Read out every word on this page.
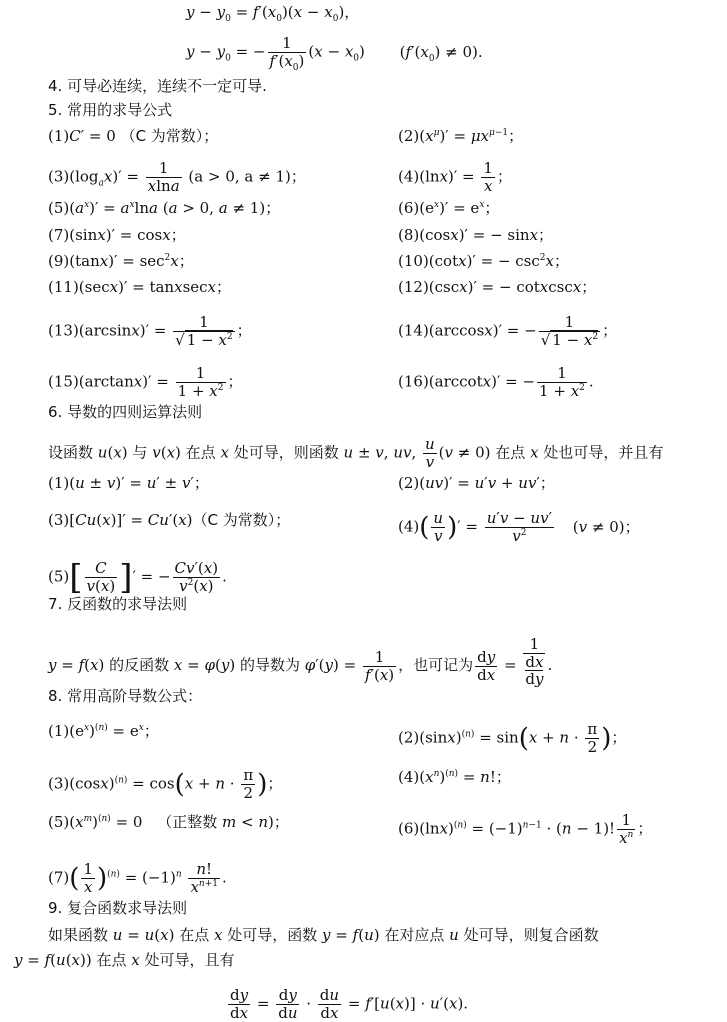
$y - y_0 = f'(x_0)(x - x_0)$，
$y - y_0$ = − $\frac{1}{f'(x_0)} (x - x_0) (f'(x_0) \ne 0)$.
4. 可导必连续，连续不一定可导.
5. 常用的求导公式
(1)C′ = 0 （C 为常数）；	$(2)(x^\mu)' = \mu x^{\mu-1}$；
$(3)(\log_ax)' = \frac{1}{xlna} (a > 0$, a ≠ 1)；	$(4)(\ln x)' = \frac{1}{x}$ ；
$(5)(a^x)' = a^x\ln a$ (a > 0, a ≠ 1)；	$(6)(e^x)' = e^x$；
(7)(sinx)′ = cosx；	(8)(cosx)′ = − sinx；
$(9)(\tan x)' = \sec^2x$；	(10)(cotx)′ = − $\csc^2x$；
(11)(secx)′ = tanxsecx；	(12)(cscx)′ = − cotxcscx；
$(13)(\arcsin x)' = \frac{1}{√ 1 - x^2}$ ；	(14)(arccosx)′ = − $\frac{1}{√ 1 - x^2}$ ；
$(15)(\arctan x)' = \frac{1}{1 + x^2}$ ；	(16)(arccotx)′ = − $\frac{1}{1 + x^2}$ .
6. 导数的四则运算法则
设函数 u(x) 与 v(x) 在点 x 处可导，则函数 u ± v, uv, $\frac{u}{v} (v \ne 0)$ 在点 x 处也可导，并且有
(1)(u ± v)′ = u′ ± v′；	(2)(uv)′ = u′v + uv′；
(3)[Cu(x)]′ = Cu′(x)（C 为常数）；	$(4)( \frac{u}{v}$ )′ = $\frac{u'v - uv'}{v^2} (v \ne 0)$；
$(5)[ \frac{C}{v(x)}$ ]′ = − $\frac{Cv'(x)}{v^2(x)}$ .
7. 反函数的求导法则
y = f(x) 的反函数 x = φ(y) 的导数为 $\varphi'(y) = \frac{1}{f'(x)}$ ，也可记为 $\frac{dy}{dx} = 1$
dx
dy .
8. 常用高阶导数公式：
$(1)(e^x)^{(n)} = e^x$；	$(2)(\sin x)^{(n)} = \sin(x + n \cdot \frac{\pi}{2}$ )；
$(3)(\cos x)^{(n)} = \cos(x + n \cdot \frac{\pi}{2}$ )；	$(4)(x^n)^{(n)} = n$!；
$(5)(x^m)^{(n)} = 0$ （正整数 m < n)；	$(6)(\ln x)^{(n)} = (-1)^{n-1} \cdot (n - 1)$! $\frac{1}{x^n}$ ；
$(7)( \frac{1}{x} )^{(n)} = (-1)^n \frac{n!}{x^{n+1}}$ .
9. 复合函数求导法则
如果函数 u = u(x) 在点 x 处可导，函数 y = f(u) 在对应点 u 处可导，则复合函数
y = f(u(x)) 在点 x 处可导，且有
$\frac{dy}{dx} = \frac{dy}{du} \cdot \frac{du}{dx} = f'[u(x)] \cdot u'(x)$.
